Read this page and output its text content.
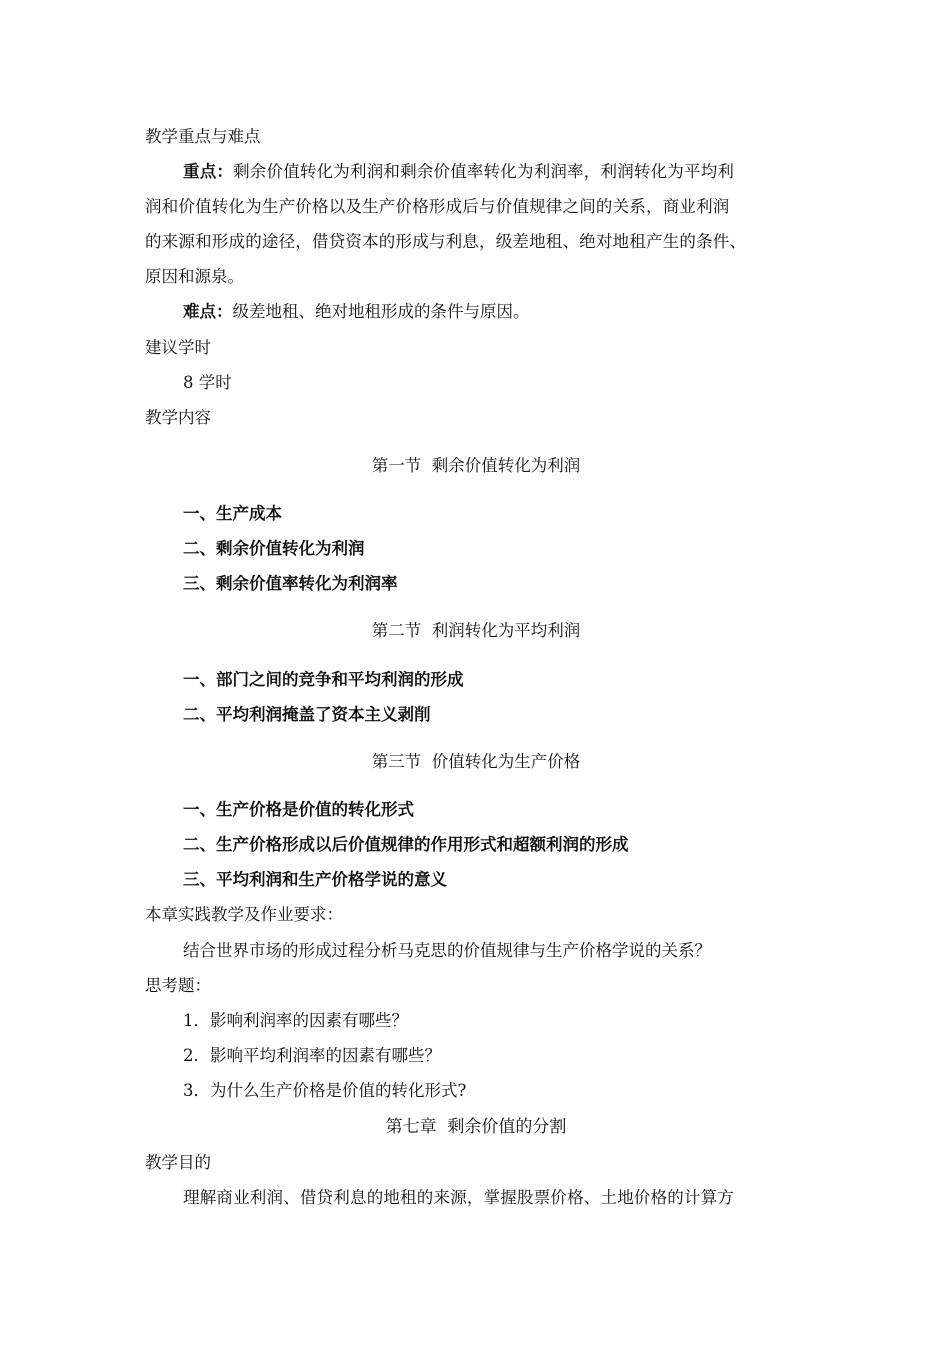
教学重点与难点
重点：剩余价值转化为利润和剩余价值率转化为利润率，利润转化为平均利
润和价值转化为生产价格以及生产价格形成后与价值规律之间的关系，商业利润
的来源和形成的途径，借贷资本的形成与利息，级差地租、绝对地租产生的条件、
原因和源泉。
难点：级差地租、绝对地租形成的条件与原因。
建议学时
8 学时
教学内容
第一节  剩余价值转化为利润
一、生产成本
二、剩余价值转化为利润
三、剩余价值率转化为利润率
第二节  利润转化为平均利润
一、部门之间的竞争和平均利润的形成
二、平均利润掩盖了资本主义剥削
第三节  价值转化为生产价格
一、生产价格是价值的转化形式
二、生产价格形成以后价值规律的作用形式和超额利润的形成
三、平均利润和生产价格学说的意义
本章实践教学及作业要求：
结合世界市场的形成过程分析马克思的价值规律与生产价格学说的关系？
思考题：
1．影响利润率的因素有哪些？
2．影响平均利润率的因素有哪些？
3．为什么生产价格是价值的转化形式?
第七章  剩余价值的分割
教学目的
理解商业利润、借贷利息的地租的来源，掌握股票价格、土地价格的计算方
